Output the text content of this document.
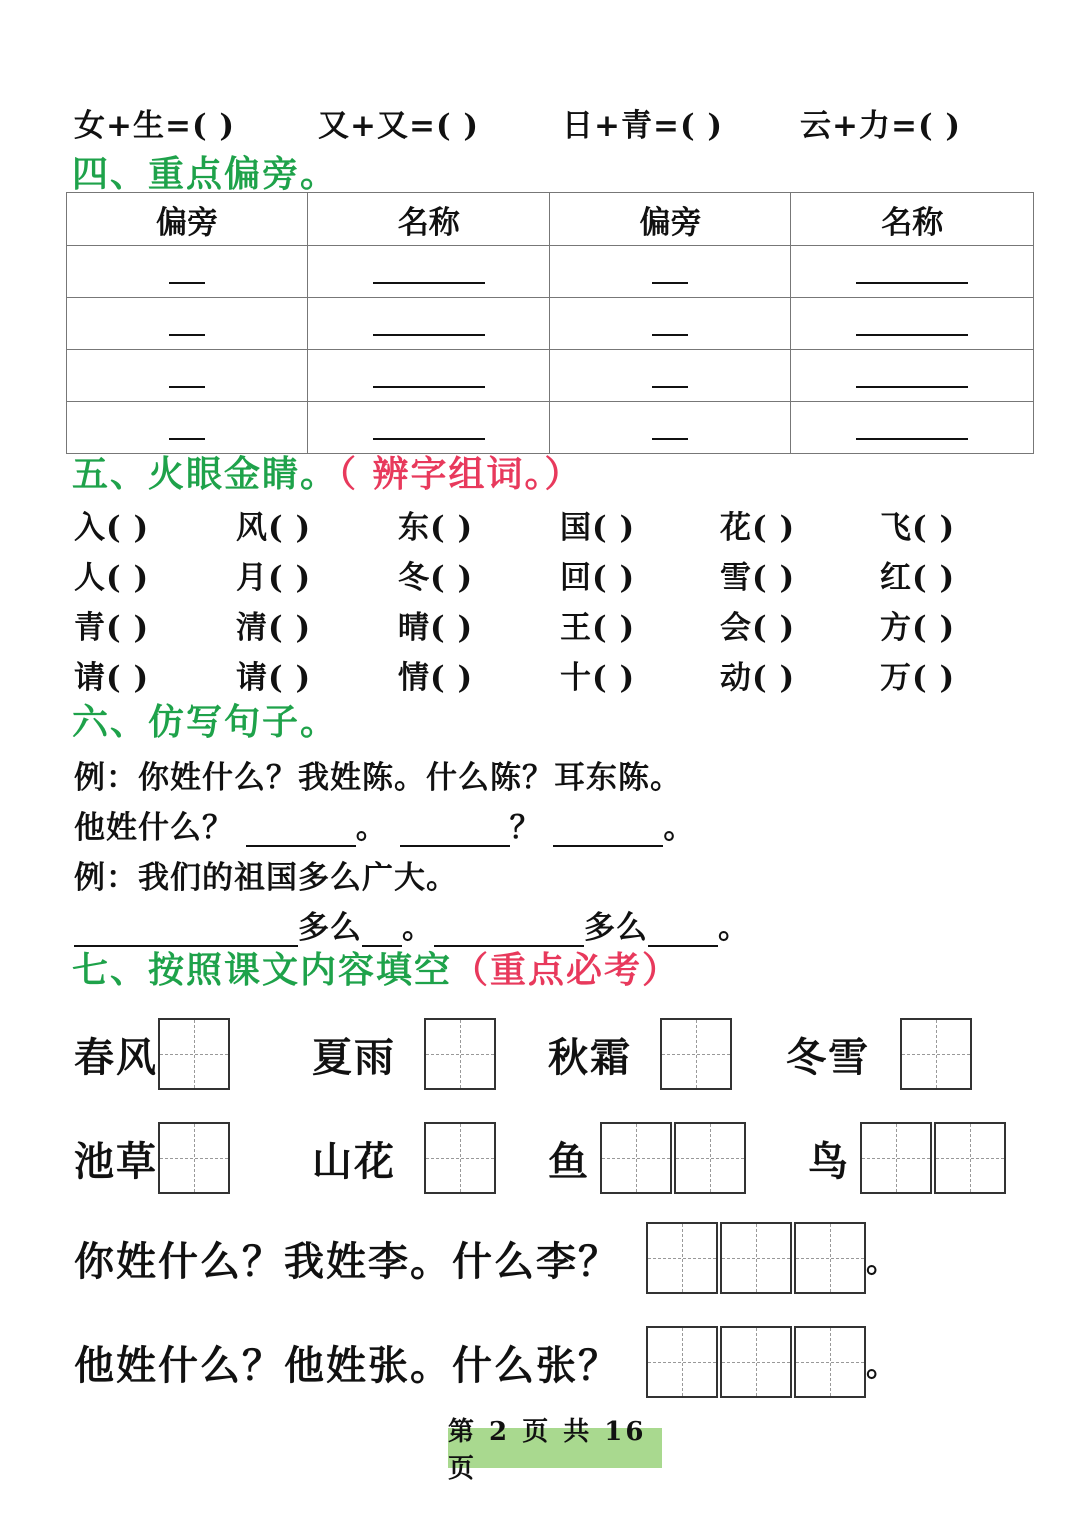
女+生=( )	又+又=( )	日+青=( ) 云+力=( )
四、重点偏旁。
偏旁	名称	偏旁	名称

五、火眼金睛。（ 辨字组词。）
入( )	风( )	东( )	国( )	花( )	飞( )
人( )	月( )	冬( )	回( )	雪( )	红( )
青( )	清( )	晴( )	王( )	会( )	方( )
请( )	请( )	情( )	十( )	动( )	万( )
六、仿写句子。
例：你姓什么？我姓陈。什么陈？耳东陈。
他姓什么？	。	？	。
例：我们的祖国多么广大。
多么 。	多么 。
七、按照课文内容填空（重点必考）
春风	夏雨	秋霜	冬雪
池草	山花	鱼	鸟
你姓什么？我姓李。什么李？	。
他姓什么？他姓张。什么张？	。
第 2 页 共 16 页
